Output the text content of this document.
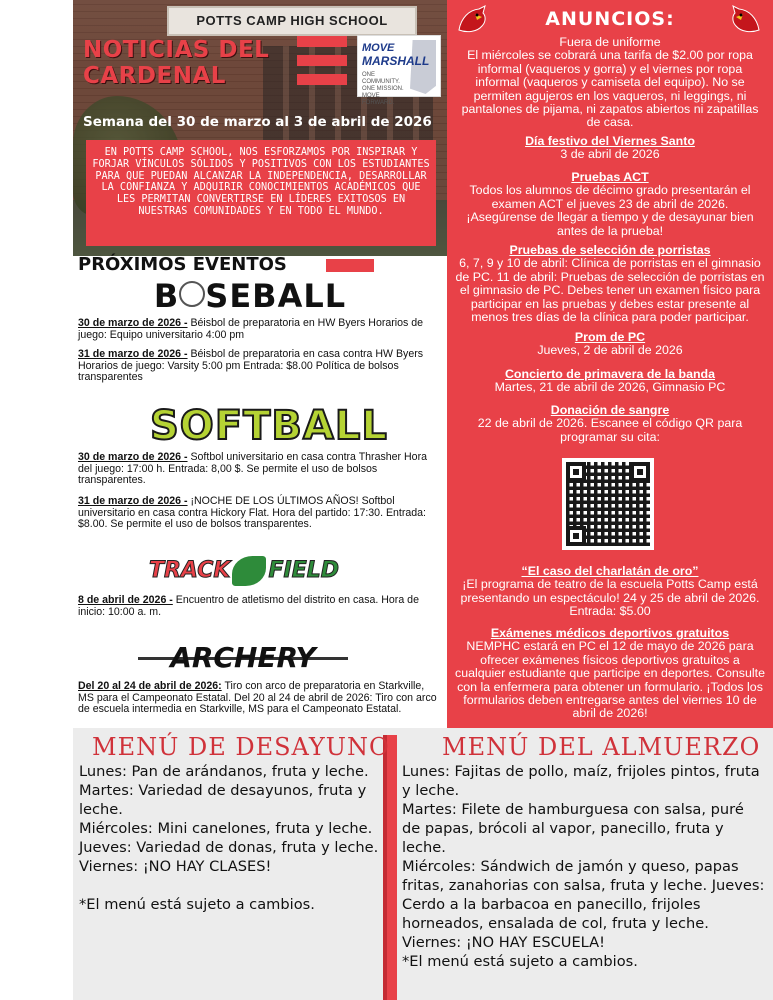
POTTS CAMP HIGH SCHOOL
NOTICIAS DEL
CARDENAL
MOVE
MARSHALL
ONE COMMUNITY. ONE MISSION. MOVE FORWARD.
Semana del 30 de marzo al 3 de abril de 2026
EN POTTS CAMP SCHOOL, NOS ESFORZAMOS POR INSPIRAR Y FORJAR VÍNCULOS SÓLIDOS Y POSITIVOS CON LOS ESTUDIANTES PARA QUE PUEDAN ALCANZAR LA INDEPENDENCIA, DESARROLLAR LA CONFIANZA Y ADQUIRIR CONOCIMIENTOS ACADÉMICOS QUE LES PERMITAN CONVERTIRSE EN LÍDERES EXITOSOS EN NUESTRAS COMUNIDADES Y EN TODO EL MUNDO.
PRÓXIMOS EVENTOS
B SEBALL
30 de marzo de 2026 - Béisbol de preparatoria en HW Byers Horarios de juego: Equipo universitario 4:00 pm
31 de marzo de 2026 - Béisbol de preparatoria en casa contra HW Byers Horarios de juego: Varsity 5:00 pm Entrada: $8.00 Política de bolsos transparentes
SOFTBALL
30 de marzo de 2026 - Softbol universitario en casa contra Thrasher Hora del juego: 17:00 h. Entrada: 8,00 $. Se permite el uso de bolsos transparentes.
31 de marzo de 2026 - ¡NOCHE DE LOS ÚLTIMOS AÑOS! Softbol universitario en casa contra Hickory Flat. Hora del partido: 17:30. Entrada: $8.00. Se permite el uso de bolsos transparentes.
TRACK FIELD
8 de abril de 2026 - Encuentro de atletismo del distrito en casa. Hora de inicio: 10:00 a. m.
ARCHERY
Del 20 al 24 de abril de 2026: Tiro con arco de preparatoria en Starkville, MS para el Campeonato Estatal. Del 20 al 24 de abril de 2026: Tiro con arco de escuela intermedia en Starkville, MS para el Campeonato Estatal.
ANUNCIOS:
Fuera de uniforme
El miércoles se cobrará una tarifa de $2.00 por ropa informal (vaqueros y gorra) y el viernes por ropa informal (vaqueros y camiseta del equipo). No se permiten agujeros en los vaqueros, ni leggings, ni pantalones de pijama, ni zapatos abiertos ni zapatillas de casa.
Día festivo del Viernes Santo
3 de abril de 2026
Pruebas ACT
Todos los alumnos de décimo grado presentarán el examen ACT el jueves 23 de abril de 2026. ¡Asegúrense de llegar a tiempo y de desayunar bien antes de la prueba!
Pruebas de selección de porristas
6, 7, 9 y 10 de abril: Clínica de porristas en el gimnasio de PC. 11 de abril: Pruebas de selección de porristas en el gimnasio de PC. Debes tener un examen físico para participar en las pruebas y debes estar presente al menos tres días de la clínica para poder participar.
Prom de PC
Jueves, 2 de abril de 2026
Concierto de primavera de la banda
Martes, 21 de abril de 2026, Gimnasio PC
Donación de sangre
22 de abril de 2026. Escanee el código QR para programar su cita:
“El caso del charlatán de oro”
¡El programa de teatro de la escuela Potts Camp está presentando un espectáculo! 24 y 25 de abril de 2026. Entrada: $5.00
Exámenes médicos deportivos gratuitos
NEMPHC estará en PC el 12 de mayo de 2026 para ofrecer exámenes físicos deportivos gratuitos a cualquier estudiante que participe en deportes. Consulte con la enfermera para obtener un formulario. ¡Todos los formularios deben entregarse antes del viernes 10 de abril de 2026!
MENÚ DE DESAYUNO
Lunes: Pan de arándanos, fruta y leche.
Martes: Variedad de desayunos, fruta y leche.
Miércoles: Mini canelones, fruta y leche.
Jueves: Variedad de donas, fruta y leche.
Viernes: ¡NO HAY CLASES!
*El menú está sujeto a cambios.
MENÚ DEL ALMUERZO
Lunes: Fajitas de pollo, maíz, frijoles pintos, fruta y leche.
Martes: Filete de hamburguesa con salsa, puré de papas, brócoli al vapor, panecillo, fruta y leche.
Miércoles: Sándwich de jamón y queso, papas fritas, zanahorias con salsa, fruta y leche. Jueves: Cerdo a la barbacoa en panecillo, frijoles horneados, ensalada de col, fruta y leche.
Viernes: ¡NO HAY ESCUELA!
*El menú está sujeto a cambios.
